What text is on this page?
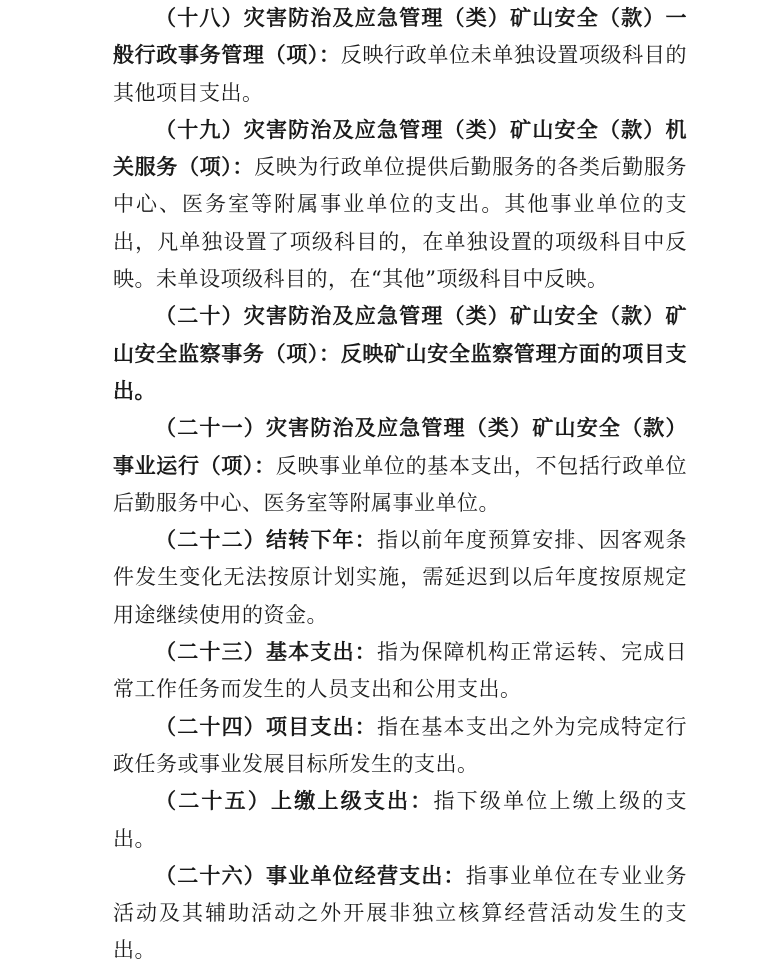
（十八）灾害防治及应急管理（类）矿山安全（款）一般行政事务管理（项）：反映行政单位未单独设置项级科目的其他项目支出。

（十九）灾害防治及应急管理（类）矿山安全（款）机关服务（项）：反映为行政单位提供后勤服务的各类后勤服务中心、医务室等附属事业单位的支出。其他事业单位的支出，凡单独设置了项级科目的，在单独设置的项级科目中反映。未单设项级科目的，在“其他”项级科目中反映。

（二十）灾害防治及应急管理（类）矿山安全（款）矿山安全监察事务（项）：反映矿山安全监察管理方面的项目支出。

（二十一）灾害防治及应急管理（类）矿山安全（款）事业运行（项）：反映事业单位的基本支出，不包括行政单位后勤服务中心、医务室等附属事业单位。

（二十二）结转下年：指以前年度预算安排、因客观条件发生变化无法按原计划实施，需延迟到以后年度按原规定用途继续使用的资金。

（二十三）基本支出：指为保障机构正常运转、完成日常工作任务而发生的人员支出和公用支出。

（二十四）项目支出：指在基本支出之外为完成特定行政任务或事业发展目标所发生的支出。

（二十五）上缴上级支出：指下级单位上缴上级的支出。

（二十六）事业单位经营支出：指事业单位在专业业务活动及其辅助活动之外开展非独立核算经营活动发生的支出。
